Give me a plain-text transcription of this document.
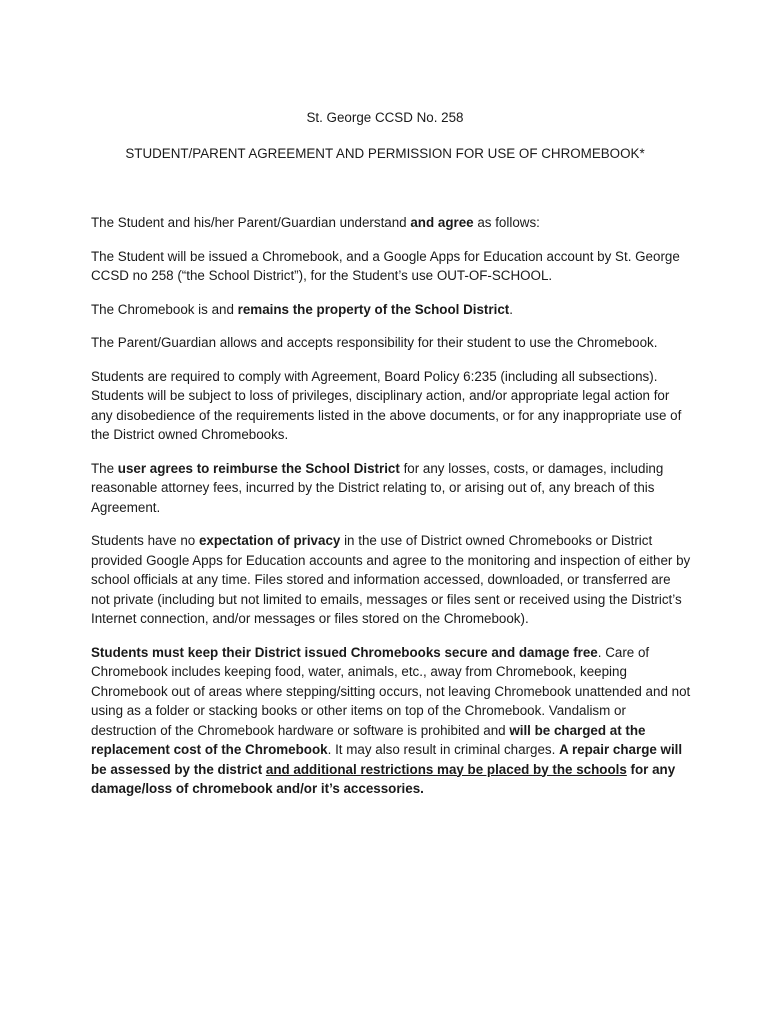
St. George CCSD No. 258

STUDENT/PARENT AGREEMENT AND PERMISSION FOR USE OF CHROMEBOOK*

The Student and his/her Parent/Guardian understand and agree as follows:

The Student will be issued a Chromebook, and a Google Apps for Education account by St. George CCSD no 258 (“the School District”), for the Student’s use OUT-OF-SCHOOL.

The Chromebook is and remains the property of the School District.

The Parent/Guardian allows and accepts responsibility for their student to use the Chromebook.

Students are required to comply with Agreement, Board Policy 6:235 (including all subsections). Students will be subject to loss of privileges, disciplinary action, and/or appropriate legal action for any disobedience of the requirements listed in the above documents, or for any inappropriate use of the District owned Chromebooks.

The user agrees to reimburse the School District for any losses, costs, or damages, including reasonable attorney fees, incurred by the District relating to, or arising out of, any breach of this Agreement.

Students have no expectation of privacy in the use of District owned Chromebooks or District provided Google Apps for Education accounts and agree to the monitoring and inspection of either by school officials at any time. Files stored and information accessed, downloaded, or transferred are not private (including but not limited to emails, messages or files sent or received using the District’s Internet connection, and/or messages or files stored on the Chromebook).

Students must keep their District issued Chromebooks secure and damage free. Care of Chromebook includes keeping food, water, animals, etc., away from Chromebook, keeping Chromebook out of areas where stepping/sitting occurs, not leaving Chromebook unattended and not using as a folder or stacking books or other items on top of the Chromebook. Vandalism or destruction of the Chromebook hardware or software is prohibited and will be charged at the replacement cost of the Chromebook. It may also result in criminal charges. A repair charge will be assessed by the district and additional restrictions may be placed by the schools for any damage/loss of chromebook and/or it’s accessories.
